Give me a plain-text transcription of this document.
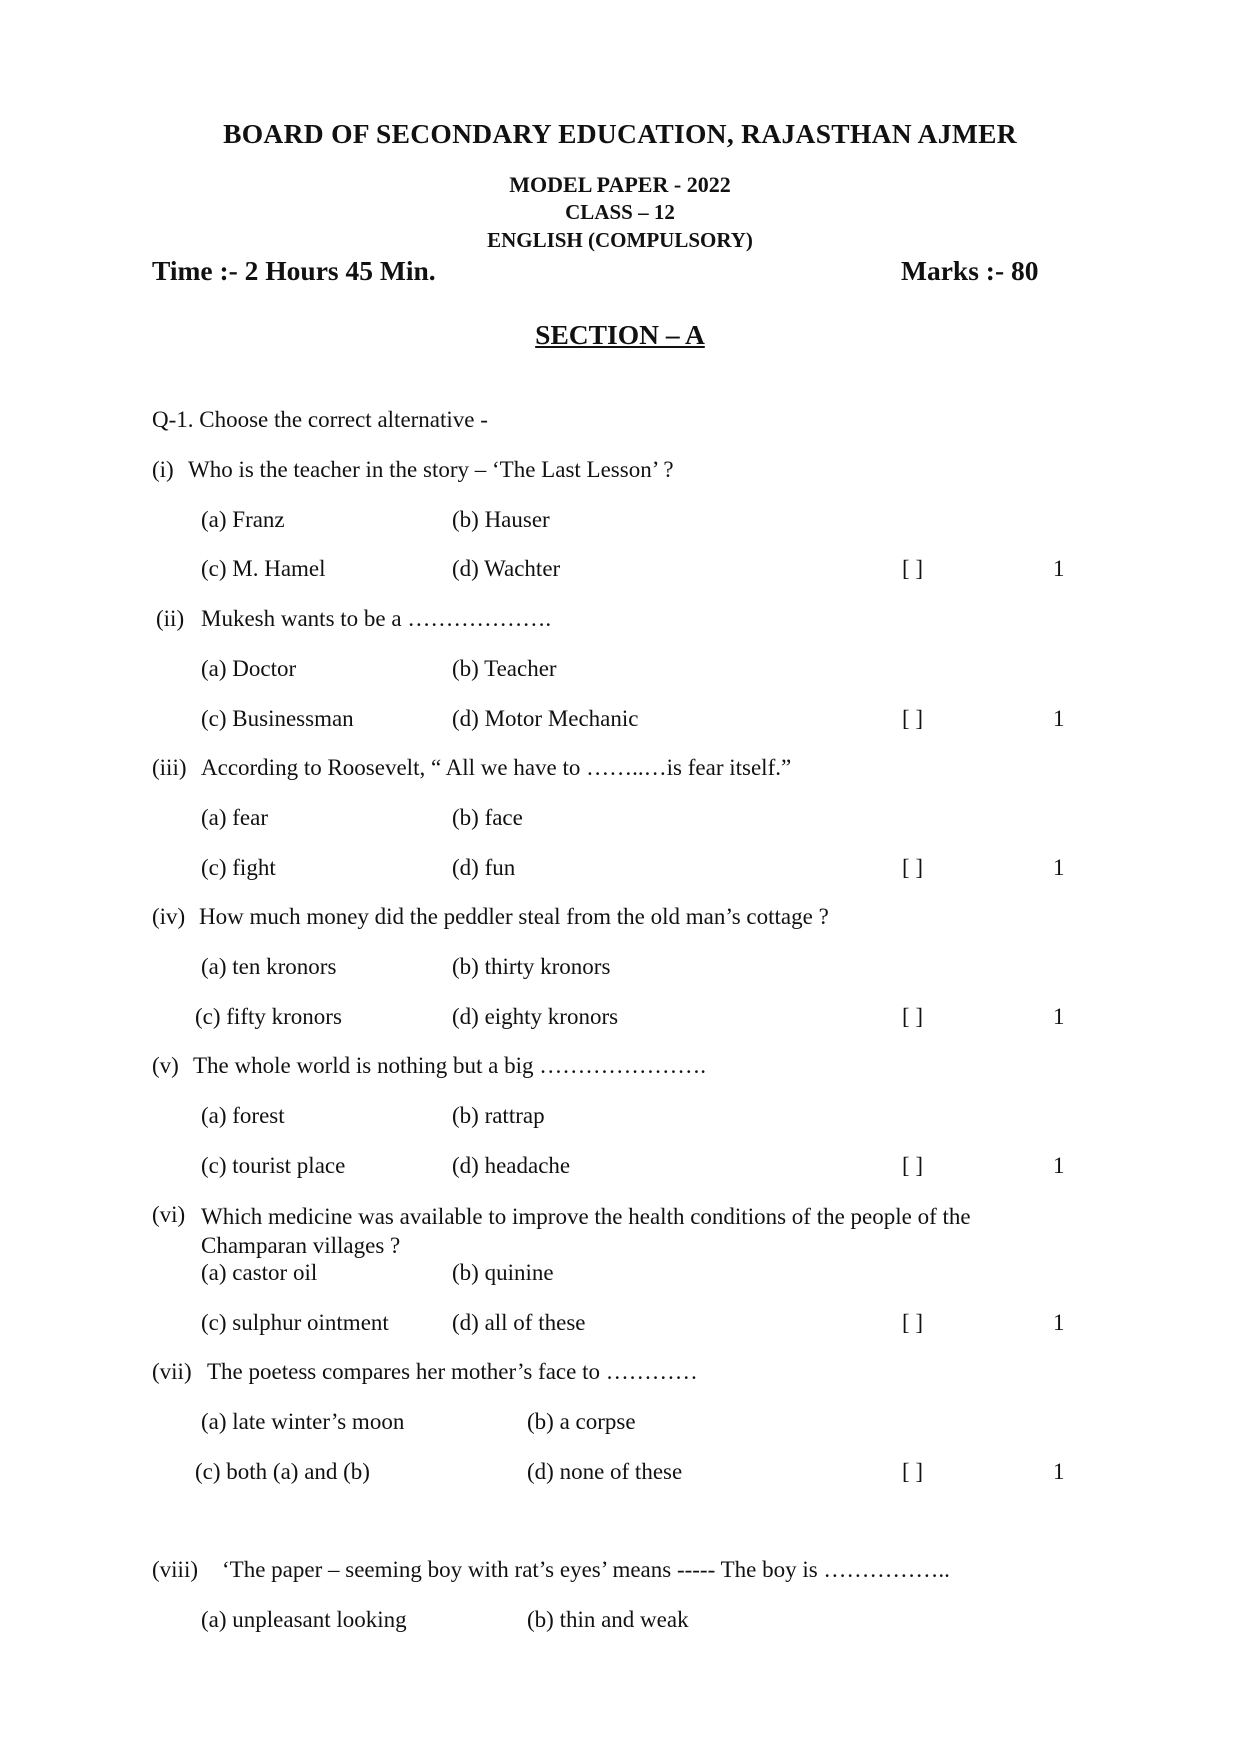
BOARD OF SECONDARY EDUCATION, RAJASTHAN AJMER
MODEL PAPER - 2022
CLASS – 12
ENGLISH (COMPULSORY)
Time :- 2 Hours 45 Min.	Marks :- 80
SECTION – A
Q-1. Choose the correct alternative -
(i) Who is the teacher in the story – ‘The Last Lesson’ ?
(a) Franz	(b) Hauser
(c) M. Hamel	(d) Wachter	[ ]	1
(ii) Mukesh wants to be a ……………….
(a) Doctor	(b) Teacher
(c) Businessman	(d) Motor Mechanic	[ ]	1
(iii) According to Roosevelt, “ All we have to ……..…is fear itself.”
(a) fear	(b) face
(c) fight	(d) fun	[ ]	1
(iv) How much money did the peddler steal from the old man’s cottage ?
(a) ten kronors	(b) thirty kronors
(c) fifty kronors	(d) eighty kronors	[ ]	1
(v) The whole world is nothing but a big ………………….
(a) forest	(b) rattrap
(c) tourist place	(d) headache	[ ]	1
(vi) Which medicine was available to improve the health conditions of the people of the Champaran villages ?
(a) castor oil	(b) quinine
(c) sulphur ointment	(d) all of these	[ ]	1
(vii) The poetess compares her mother’s face to …………
(a) late winter’s moon	(b) a corpse
(c) both (a) and (b)	(d) none of these	[ ]	1
(viii) ‘The paper – seeming boy with rat’s eyes’ means ----- The boy is ……………..
(a) unpleasant looking	(b) thin and weak
